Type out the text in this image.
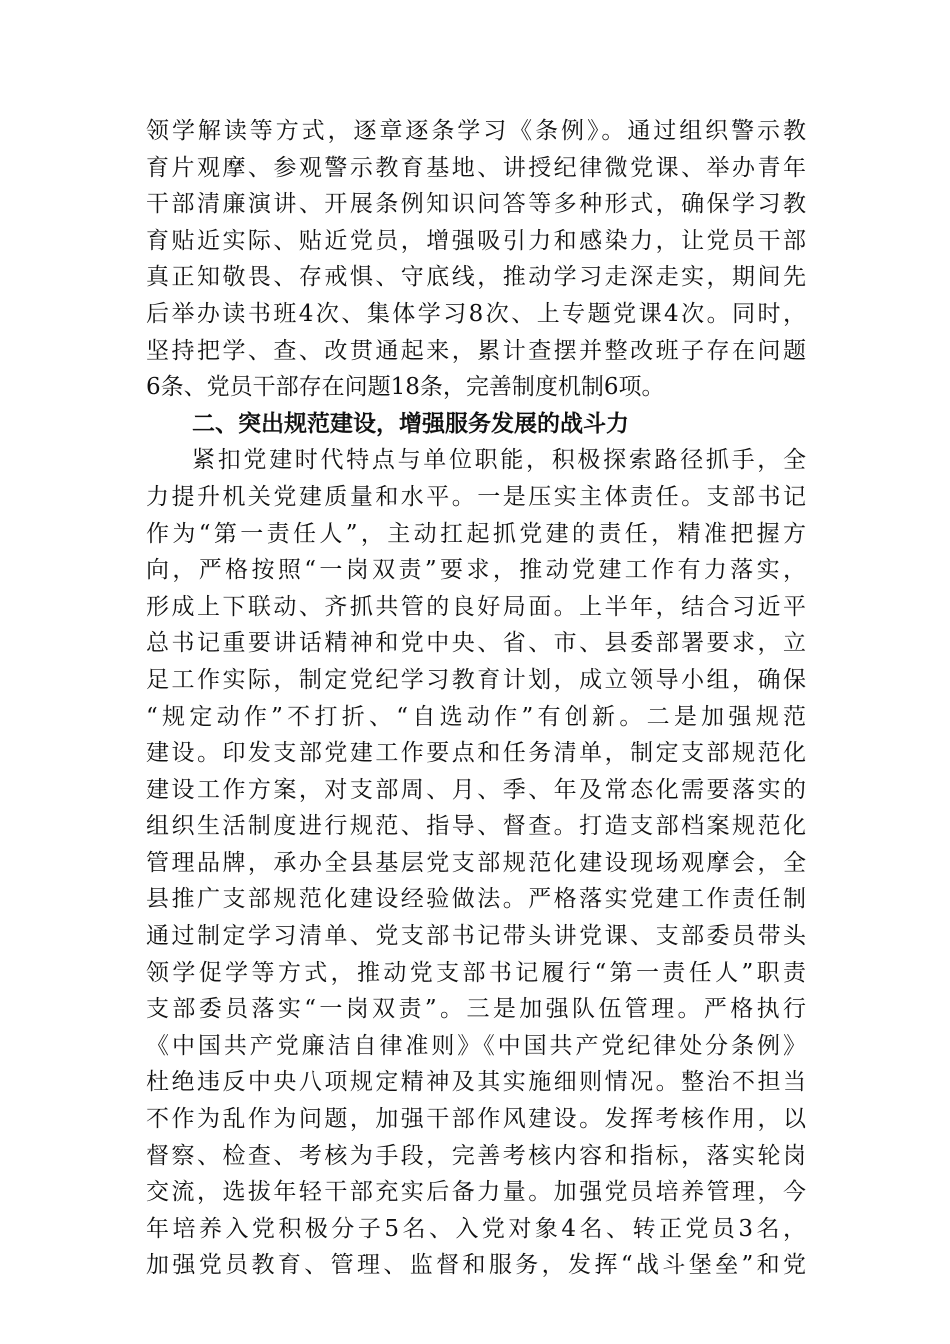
领学解读等方式，逐章逐条学习《条例》。通过组织警示教
育片观摩、参观警示教育基地、讲授纪律微党课、举办青年
干部清廉演讲、开展条例知识问答等多种形式，确保学习教
育贴近实际、贴近党员，增强吸引力和感染力，让党员干部
真正知敬畏、存戒惧、守底线，推动学习走深走实，期间先
后举办读书班4次、集体学习8次、上专题党课4次。同时，
坚持把学、查、改贯通起来，累计查摆并整改班子存在问题
6条、党员干部存在问题18条，完善制度机制6项。
二、突出规范建设，增强服务发展的战斗力
紧扣党建时代特点与单位职能，积极探索路径抓手，全
力提升机关党建质量和水平。一是压实主体责任。支部书记
作为“第一责任人”，主动扛起抓党建的责任，精准把握方
向，严格按照“一岗双责”要求，推动党建工作有力落实，
形成上下联动、齐抓共管的良好局面。上半年，结合习近平
总书记重要讲话精神和党中央、省、市、县委部署要求，立
足工作实际，制定党纪学习教育计划，成立领导小组，确保
“规定动作”不打折、“自选动作”有创新。二是加强规范
建设。印发支部党建工作要点和任务清单，制定支部规范化
建设工作方案，对支部周、月、季、年及常态化需要落实的
组织生活制度进行规范、指导、督查。打造支部档案规范化
管理品牌，承办全县基层党支部规范化建设现场观摩会，全
县推广支部规范化建设经验做法。严格落实党建工作责任制
通过制定学习清单、党支部书记带头讲党课、支部委员带头
领学促学等方式，推动党支部书记履行“第一责任人”职责
支部委员落实“一岗双责”。三是加强队伍管理。严格执行
《中国共产党廉洁自律准则》《中国共产党纪律处分条例》
杜绝违反中央八项规定精神及其实施细则情况。整治不担当
不作为乱作为问题，加强干部作风建设。发挥考核作用，以
督察、检查、考核为手段，完善考核内容和指标，落实轮岗
交流，选拔年轻干部充实后备力量。加强党员培养管理，今
年培养入党积极分子5名、入党对象4名、转正党员3名，
加强党员教育、管理、监督和服务，发挥“战斗堡垒”和党
